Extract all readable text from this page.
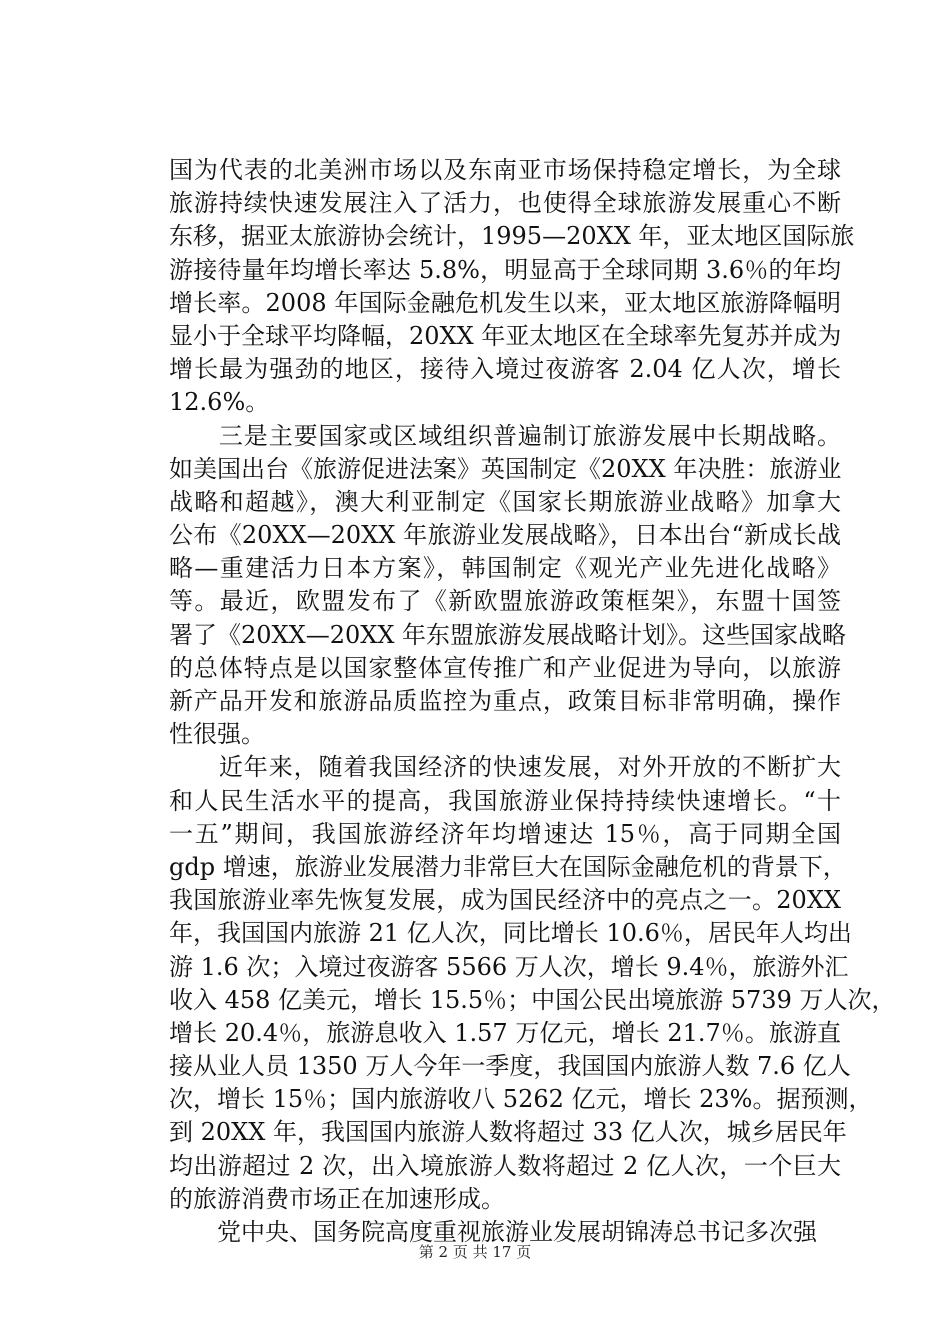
国为代表的北美洲市场以及东南亚市场保持稳定增长，为全球
旅游持续快速发展注入了活力，也使得全球旅游发展重心不断
东移，据亚太旅游协会统计，1995—20XX 年，亚太地区国际旅
游接待量年均增长率达 5.8%，明显高于全球同期 3.6％的年均
增长率。2008 年国际金融危机发生以来，亚太地区旅游降幅明
显小于全球平均降幅，20XX 年亚太地区在全球率先复苏并成为
增长最为强劲的地区，接待入境过夜游客 2.04 亿人次，增长
12.6%。
　　三是主要国家或区域组织普遍制订旅游发展中长期战略。
如美国出台《旅游促进法案》英国制定《20XX 年决胜：旅游业
战略和超越》，澳大利亚制定《国家长期旅游业战略》加拿大
公布《20XX—20XX 年旅游业发展战略》，日本出台“新成长战
略—重建活力日本方案》，韩国制定《观光产业先进化战略》
等。最近，欧盟发布了《新欧盟旅游政策框架》，东盟十国签
署了《20XX—20XX 年东盟旅游发展战略计划》。这些国家战略
的总体特点是以国家整体宣传推广和产业促进为导向，以旅游
新产品开发和旅游品质监控为重点，政策目标非常明确，操作
性很强。
　　近年来，随着我国经济的快速发展，对外开放的不断扩大
和人民生活水平的提高，我国旅游业保持持续快速增长。“十
一五”期间，我国旅游经济年均增速达 15％，高于同期全国
gdp 增速，旅游业发展潜力非常巨大在国际金融危机的背景下，
我国旅游业率先恢复发展，成为国民经济中的亮点之一。20XX
年，我国国内旅游 21 亿人次，同比增长 10.6％，居民年人均出
游 1.6 次；入境过夜游客 5566 万人次，增长 9.4％，旅游外汇
收入 458 亿美元，增长 15.5％；中国公民出境旅游 5739 万人次，
增长 20.4％，旅游息收入 1.57 万亿元，增长 21.7％。旅游直
接从业人员 1350 万人今年一季度，我国国内旅游人数 7.6 亿人
次，增长 15％；国内旅游收八 5262 亿元，增长 23%。据预测，
到 20XX 年，我国国内旅游人数将超过 33 亿人次，城乡居民年
均出游超过 2 次，出入境旅游人数将超过 2 亿人次，一个巨大
的旅游消费市场正在加速形成。
　　党中央、国务院高度重视旅游业发展胡锦涛总书记多次强
第 2 页 共 17 页
